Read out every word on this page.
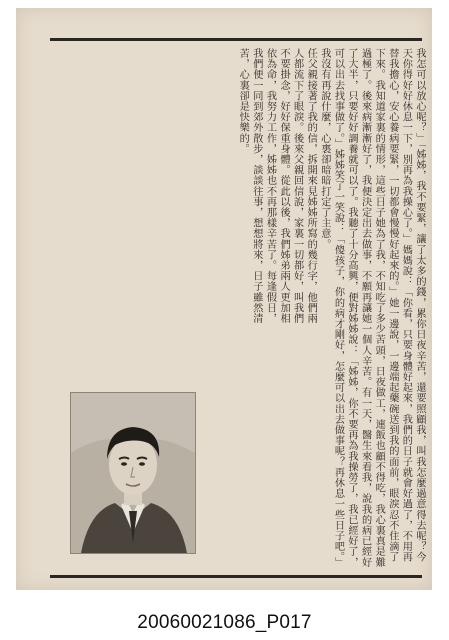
我怎可以放心呢？」「姊姊，我不要緊，讓了太多的錢，累你日夜辛苦，還要照顧我，叫我怎麼過意得去呢？今天你得好好休息一下，別再為我操心了。」媽媽說：「你看，只要身體好起來，我們的日子就會好過了，不用再替我擔心，安心養病要緊，一切都會慢慢好起來的。」她一邊說，一邊端起藥碗送到我的面前，眼淚忍不住滴了下來。我知道家裏的情形，這些日子她為了我，不知吃了多少苦頭，日夜做工，連飯也顧不得吃，我心裏真是難過極了。後來病漸漸好了，我便決定出去做事，不願再讓她一個人辛苦。有一天，醫生來看我，說我的病已經好了大半，只要好好調養就可以了。我聽了十分高興，便對姊姊說：「姊姊，你不要再為我操勞了，我已經好了，可以出去找事做了。」姊姊笑了一笑說：「傻孩子，你的病才剛好，怎麼可以出去做事呢？再休息一些日子吧。」我沒有再說什麼，心裏卻暗暗打定了主意。

任父親接著了我的信，拆開來見姊姊所寫的幾行字，他們兩人都流下了眼淚。後來父親回信說，家裏一切都好，叫我們不要掛念，好好保重身體。從此以後，我們姊弟兩人更加相依為命，我努力工作，姊姊也不再那樣辛苦了。每逢假日，我們便一同到郊外散步，談談往事，想想將來，日子雖然清苦，心裏卻是快樂的。

20060021086_P017
